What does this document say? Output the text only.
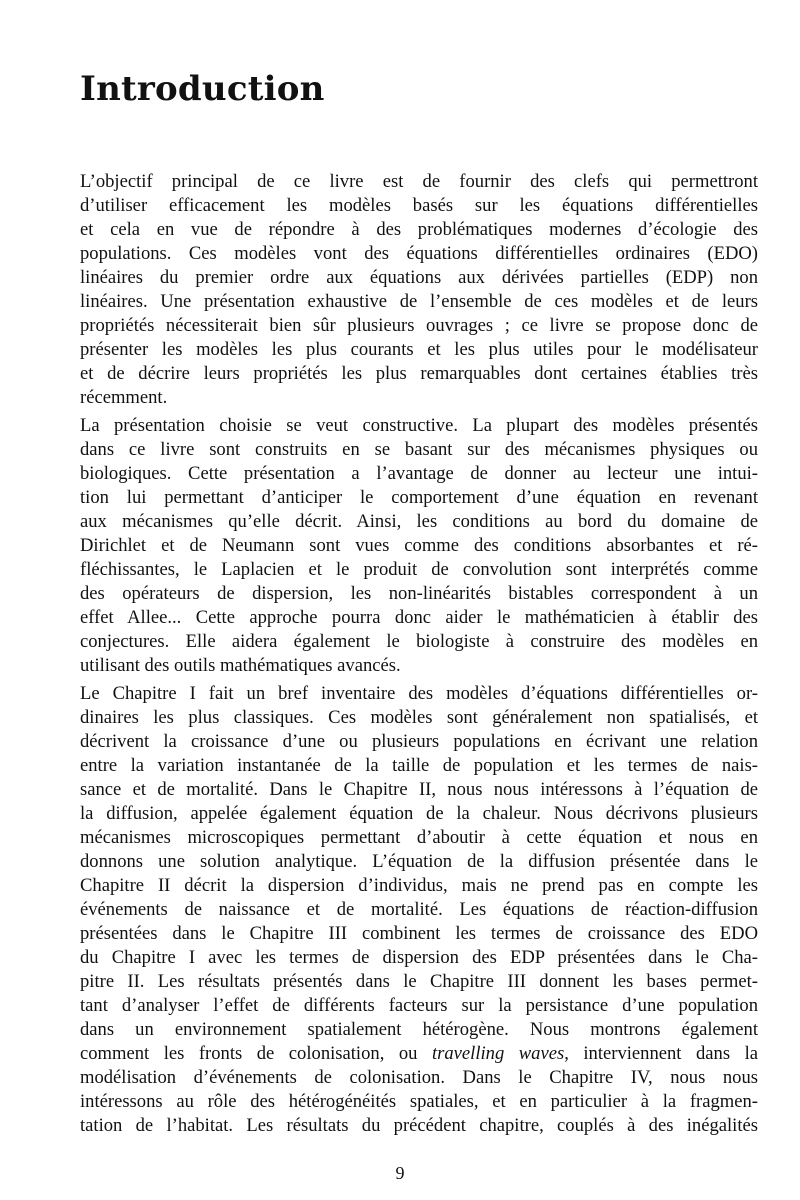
Introduction
L’objectif principal de ce livre est de fournir des clefs qui permettront
d’utiliser efficacement les modèles basés sur les équations différentielles
et cela en vue de répondre à des problématiques modernes d’écologie des
populations. Ces modèles vont des équations différentielles ordinaires (EDO)
linéaires du premier ordre aux équations aux dérivées partielles (EDP) non
linéaires. Une présentation exhaustive de l’ensemble de ces modèles et de leurs
propriétés nécessiterait bien sûr plusieurs ouvrages ; ce livre se propose donc de
présenter les modèles les plus courants et les plus utiles pour le modélisateur
et de décrire leurs propriétés les plus remarquables dont certaines établies très
récemment.
La présentation choisie se veut constructive. La plupart des modèles présentés
dans ce livre sont construits en se basant sur des mécanismes physiques ou
biologiques. Cette présentation a l’avantage de donner au lecteur une intui-
tion lui permettant d’anticiper le comportement d’une équation en revenant
aux mécanismes qu’elle décrit. Ainsi, les conditions au bord du domaine de
Dirichlet et de Neumann sont vues comme des conditions absorbantes et ré-
fléchissantes, le Laplacien et le produit de convolution sont interprétés comme
des opérateurs de dispersion, les non-linéarités bistables correspondent à un
effet Allee... Cette approche pourra donc aider le mathématicien à établir des
conjectures. Elle aidera également le biologiste à construire des modèles en
utilisant des outils mathématiques avancés.
Le Chapitre I fait un bref inventaire des modèles d’équations différentielles or-
dinaires les plus classiques. Ces modèles sont généralement non spatialisés, et
décrivent la croissance d’une ou plusieurs populations en écrivant une relation
entre la variation instantanée de la taille de population et les termes de nais-
sance et de mortalité. Dans le Chapitre II, nous nous intéressons à l’équation de
la diffusion, appelée également équation de la chaleur. Nous décrivons plusieurs
mécanismes microscopiques permettant d’aboutir à cette équation et nous en
donnons une solution analytique. L’équation de la diffusion présentée dans le
Chapitre II décrit la dispersion d’individus, mais ne prend pas en compte les
événements de naissance et de mortalité. Les équations de réaction-diffusion
présentées dans le Chapitre III combinent les termes de croissance des EDO
du Chapitre I avec les termes de dispersion des EDP présentées dans le Cha-
pitre II. Les résultats présentés dans le Chapitre III donnent les bases permet-
tant d’analyser l’effet de différents facteurs sur la persistance d’une population
dans un environnement spatialement hétérogène. Nous montrons également
comment les fronts de colonisation, ou travelling waves, interviennent dans la
modélisation d’événements de colonisation. Dans le Chapitre IV, nous nous
intéressons au rôle des hétérogénéités spatiales, et en particulier à la fragmen-
tation de l’habitat. Les résultats du précédent chapitre, couplés à des inégalités
9
